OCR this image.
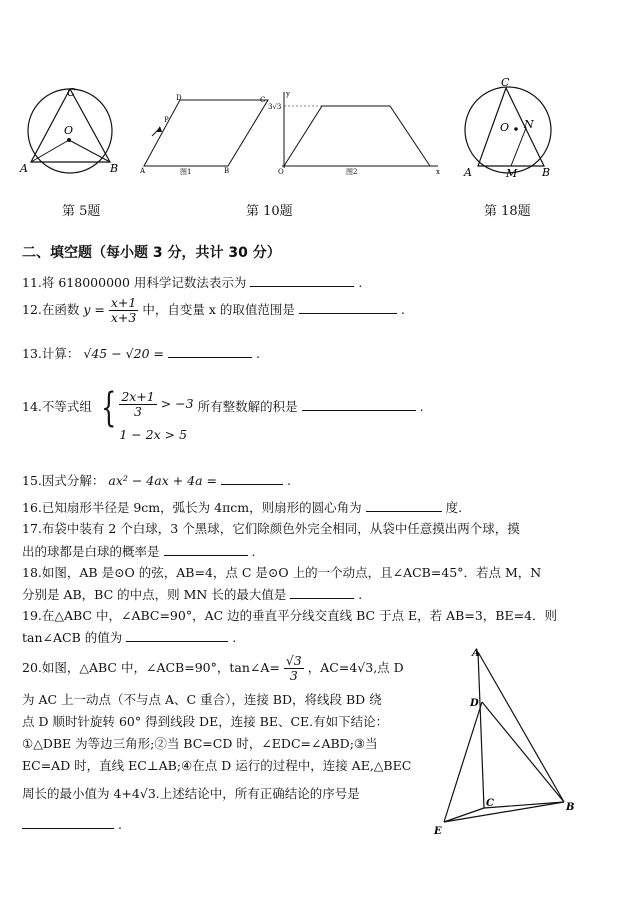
C
O
A	B
第 5题
D	C
P
A	B
图1
y
3√3
O	图2	x
第 10题
C
O N
A	M B
第 18题
二、填空题（每小题 3 分，共计 30 分）
11.将 618000000 用科学记数法表示为	.
12.在函数 $y = \frac{x+1}{x+3}$ 中，自变量 x 的取值范围是	.
13.计算： √45 − √20 =	.
14.不等式组 { $\frac{2x+1}{3} > -3$
1 − 2x > 5
所有整数解的积是	.
15.因式分解： ax² − 4ax + 4a =	.
16.已知扇形半径是 9cm，弧长为 4πcm，则扇形的圆心角为	度.
17.布袋中装有 2 个白球，3 个黑球，它们除颜色外完全相同，从袋中任意摸出两个球，摸
出的球都是白球的概率是	.
18.如图，AB 是⊙O 的弦，AB=4，点 C 是⊙O 上的一个动点，且∠ACB=45°．若点 M，N
分别是 AB，BC 的中点，则 MN 长的最大值是	.
19.在△ABC 中，∠ABC=90°，AC 边的垂直平分线交直线 BC 于点 E，若 AB=3，BE=4．则
tan∠ACB 的值为	.
20.如图，△ABC 中，∠ACB=90°，tan∠A= $\frac{√3}{3}$ ，AC=4√3,点 D
为 AC 上一动点（不与点 A、C 重合），连接 BD，将线段 BD 绕
点 D 顺时针旋转 60° 得到线段 DE，连接 BE、CE.有如下结论：
①△DBE 为等边三角形;②当 BC=CD 时，∠EDC=∠ABD;③当
EC=AD 时，直线 EC⊥AB;④在点 D 运行的过程中，连接 AE,△BEC
周长的最小值为 4+4√3.上述结论中，所有正确结论的序号是
.
A
D
C	B
E
